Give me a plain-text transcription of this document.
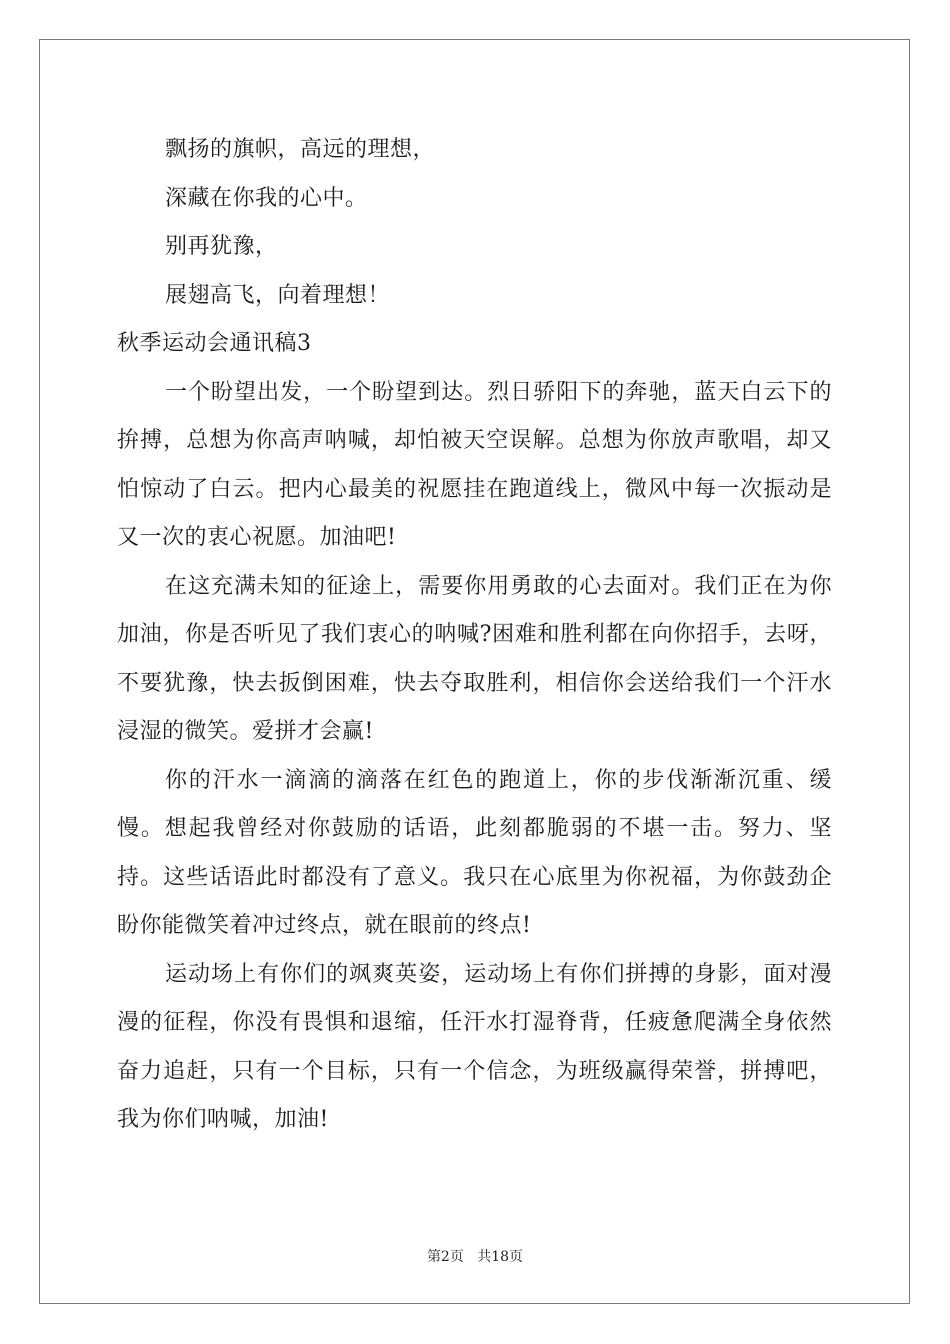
飘扬的旗帜，高远的理想，
深藏在你我的心中。
别再犹豫，
展翅高飞，向着理想！
秋季运动会通讯稿3

一个盼望出发，一个盼望到达。烈日骄阳下的奔驰，蓝天白云下的拚搏，总想为你高声呐喊，却怕被天空误解。总想为你放声歌唱，却又怕惊动了白云。把内心最美的祝愿挂在跑道线上，微风中每一次振动是又一次的衷心祝愿。加油吧!

在这充满未知的征途上，需要你用勇敢的心去面对。我们正在为你加油，你是否听见了我们衷心的呐喊?困难和胜利都在向你招手，去呀，不要犹豫，快去扳倒困难，快去夺取胜利，相信你会送给我们一个汗水浸湿的微笑。爱拼才会赢!

你的汗水一滴滴的滴落在红色的跑道上，你的步伐渐渐沉重、缓慢。想起我曾经对你鼓励的话语，此刻都脆弱的不堪一击。努力、坚持。这些话语此时都没有了意义。我只在心底里为你祝福，为你鼓劲企盼你能微笑着冲过终点，就在眼前的终点!

运动场上有你们的飒爽英姿，运动场上有你们拼搏的身影，面对漫漫的征程，你没有畏惧和退缩，任汗水打湿脊背，任疲惫爬满全身依然奋力追赶，只有一个目标，只有一个信念，为班级赢得荣誉，拼搏吧，我为你们呐喊，加油!

第2页 共18页
